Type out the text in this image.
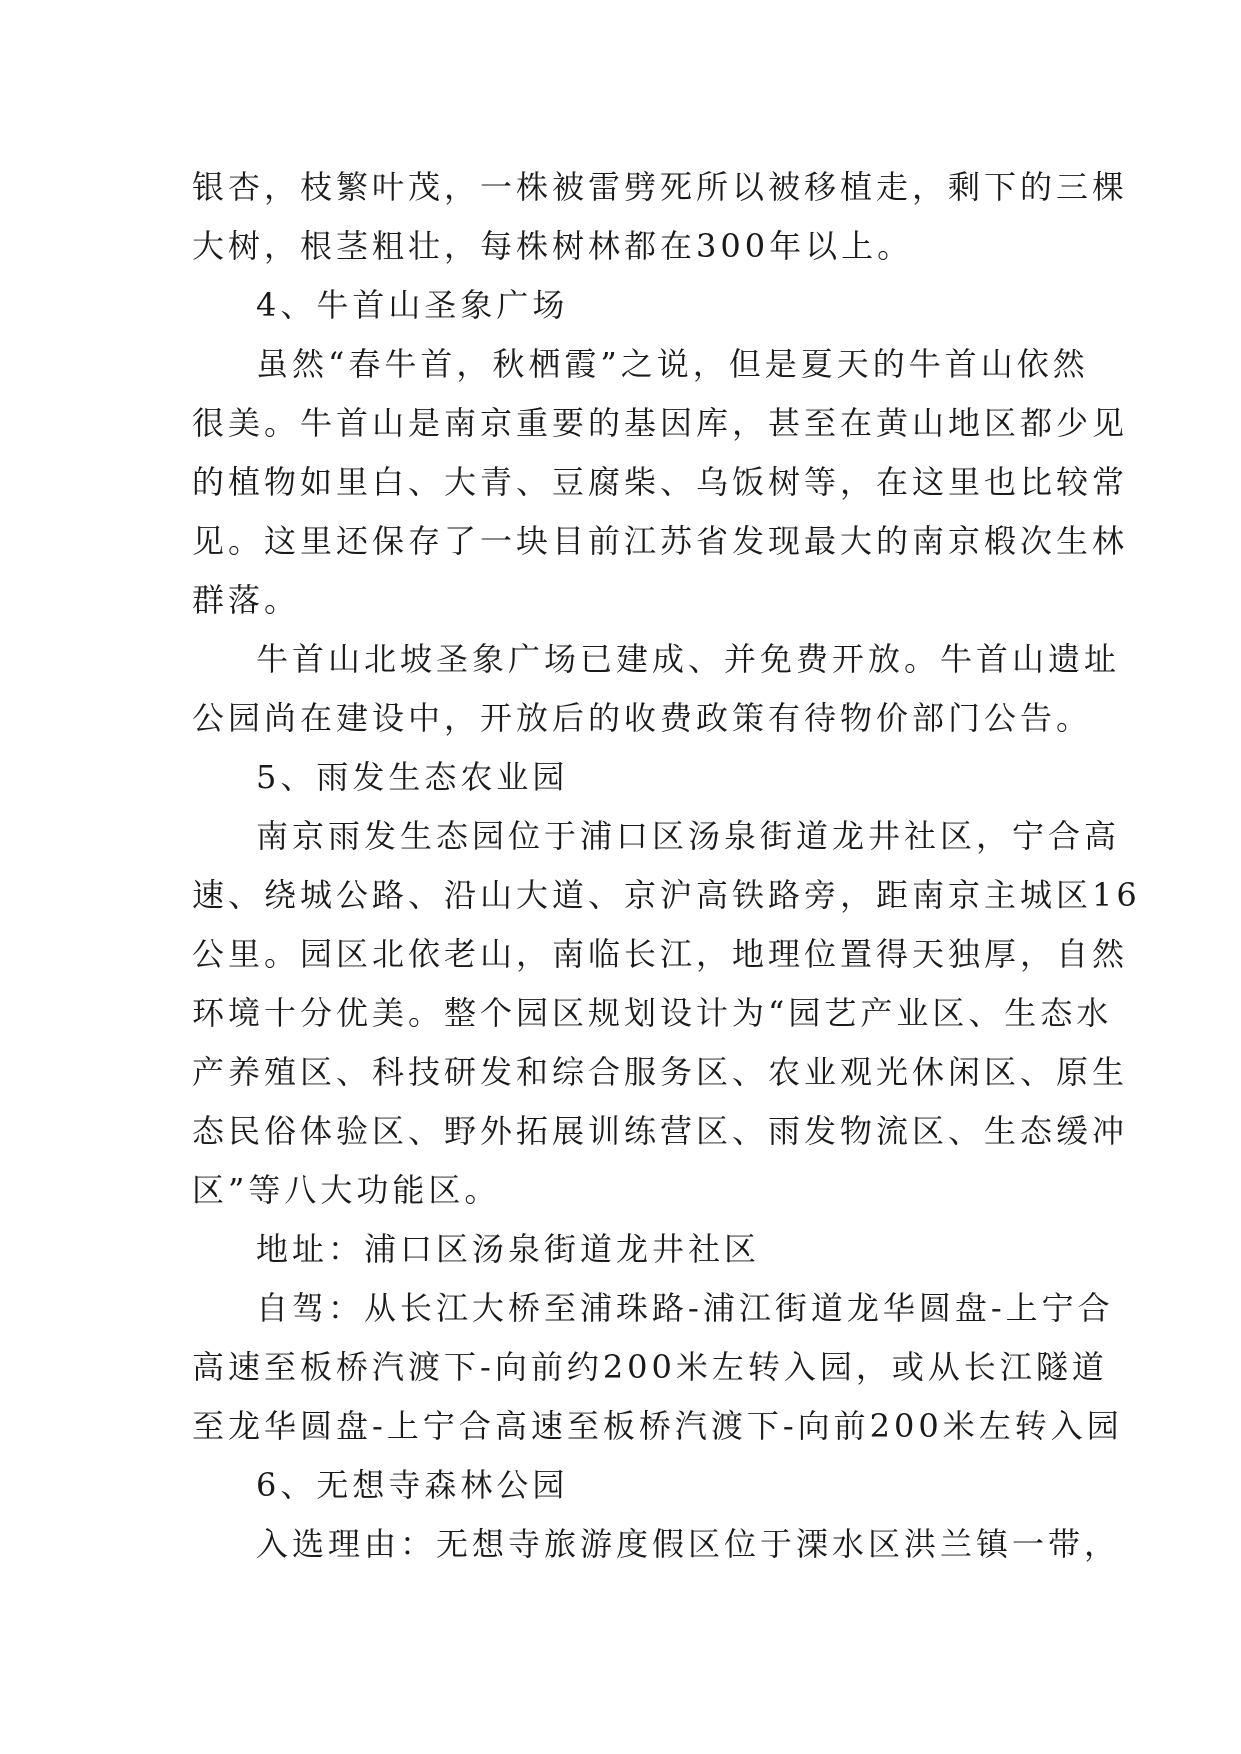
银杏，枝繁叶茂，一株被雷劈死所以被移植走，剩下的三棵
大树，根茎粗壮，每株树林都在300年以上。
4、牛首山圣象广场
虽然“春牛首，秋栖霞”之说，但是夏天的牛首山依然
很美。牛首山是南京重要的基因库，甚至在黄山地区都少见
的植物如里白、大青、豆腐柴、乌饭树等，在这里也比较常
见。这里还保存了一块目前江苏省发现最大的南京椴次生林
群落。
牛首山北坡圣象广场已建成、并免费开放。牛首山遗址
公园尚在建设中，开放后的收费政策有待物价部门公告。
5、雨发生态农业园
南京雨发生态园位于浦口区汤泉街道龙井社区，宁合高
速、绕城公路、沿山大道、京沪高铁路旁，距南京主城区16
公里。园区北依老山，南临长江，地理位置得天独厚，自然
环境十分优美。整个园区规划设计为“园艺产业区、生态水
产养殖区、科技研发和综合服务区、农业观光休闲区、原生
态民俗体验区、野外拓展训练营区、雨发物流区、生态缓冲
区”等八大功能区。
地址：浦口区汤泉街道龙井社区
自驾：从长江大桥至浦珠路-浦江街道龙华圆盘-上宁合
高速至板桥汽渡下-向前约200米左转入园，或从长江隧道
至龙华圆盘-上宁合高速至板桥汽渡下-向前200米左转入园
6、无想寺森林公园
入选理由：无想寺旅游度假区位于溧水区洪兰镇一带，
